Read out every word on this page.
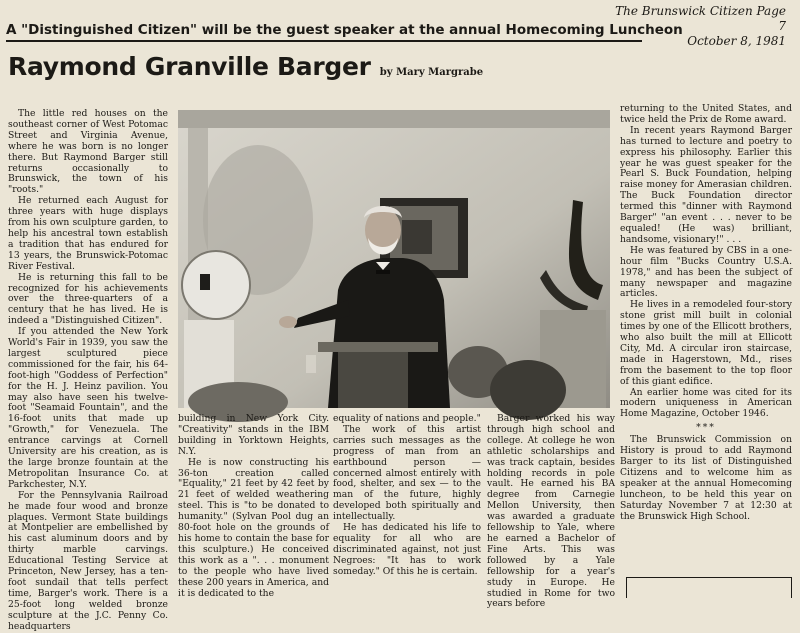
The Brunswick Citizen Page 7
October 8, 1981
A "Distinguished Citizen" will be the guest speaker at the annual Homecoming Luncheon
Raymond Granville Barger by Mary Margrabe

The little red houses on the southeast corner of West Potomac Street and Virginia Avenue, where he was born is no longer there. But Raymond Barger still returns occasionally to Brunswick, the town of his "roots."

He returned each August for three years with huge displays from his own sculpture garden, to help his ancestral town establish a tradition that has endured for 13 years, the Brunswick-Potomac River Festival.

He is returning this fall to be recognized for his achievements over the three-quarters of a century that he has lived. He is indeed a "Distinguished Citizen".

If you attended the New York World's Fair in 1939, you saw the largest sculptured piece commissioned for the fair, his 64-foot-high "Goddess of Perfection" for the H. J. Heinz pavilion. You may also have seen his twelve-foot "Seamaid Fountain", and the 16-foot units that made up "Growth," for Venezuela. The entrance carvings at Cornell University are his creation, as is the large bronze fountain at the Metropolitan Insurance Co. at Parkchester, N.Y.

For the Pennsylvania Railroad he made four wood and bronze plaques. Vermont State buildings at Montpelier are embellished by his cast aluminum doors and by thirty marble carvings. Educational Testing Service at Princeton, New Jersey, has a ten-foot sundail that tells perfect time, Barger's work. There is a 25-foot long welded bronze sculpture at the J.C. Penny Co. headquarters

building in New York City. "Creativity" stands in the IBM building in Yorktown Heights, N.Y.

He is now constructing his 36-ton creation called "Equality," 21 feet by 42 feet by 21 feet of welded weathering steel. This is "to be donated to humanity." (Sylvan Pool dug an 80-foot hole on the grounds of his home to contain the base for this sculpture.) He conceived this work as a ". . . monument to the people who have lived these 200 years in America, and it is dedicated to the

equality of nations and people."

The work of this artist carries such messages as the progress of man from an earthbound person — concerned almost entirely with food, shelter, and sex — to the man of the future, highly developed both spiritually and intellectually.

He has dedicated his life to equality for all who are discriminated against, not just Negroes: "It has to work someday." Of this he is certain.

Barger worked his way through high school and college. At college he won athletic scholarships and was track captain, besides holding records in pole vault. He earned his BA degree from Carnegie Mellon University, then was awarded a graduate fellowship to Yale, where he earned a Bachelor of Fine Arts. This was followed by a Yale fellowship for a year's study in Europe. He studied in Rome for two years before

returning to the United States, and twice held the Prix de Rome award.

In recent years Raymond Barger has turned to lecture and poetry to express his philosophy. Earlier this year he was guest speaker for the Pearl S. Buck Foundation, helping raise money for Amerasian children. The Buck Foundation director termed this "dinner with Raymond Barger" "an event . . . never to be equaled! (He was) brilliant, handsome, visionary!" . . .

He was featured by CBS in a one-hour film "Bucks Country U.S.A. 1978," and has been the subject of many newspaper and magazine articles.

He lives in a remodeled four-story stone grist mill built in colonial times by one of the Ellicott brothers, who also built the mill at Ellicott City, Md. A circular iron staircase, made in Hagerstown, Md., rises from the basement to the top floor of this giant edifice.

An earlier home was cited for its modern uniqueness in American Home Magazine, October 1946.

***

The Brunswick Commission on History is proud to add Raymond Barger to its list of Distinguished Citizens and to welcome him as speaker at the annual Homecoming luncheon, to be held this year on Saturday November 7 at 12:30 at the Brunswick High School.
